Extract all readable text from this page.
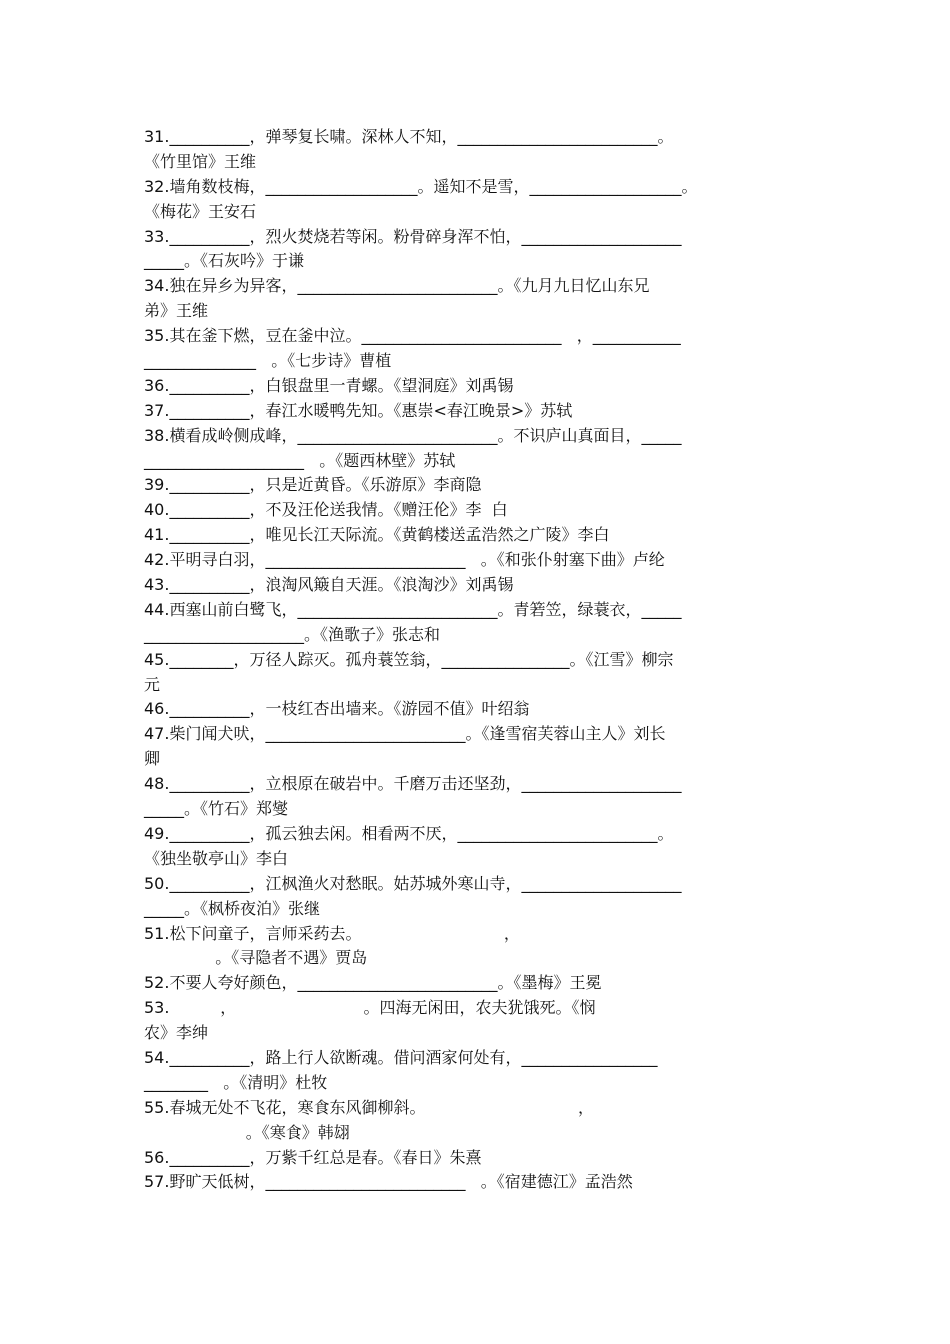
31.__________，弹琴复长啸。深林人不知，_________________________。
《竹里馆》王维
32.墙角数枝梅，___________________。遥知不是雪，___________________。
《梅花》王安石
33.__________，烈火焚烧若等闲。粉骨碎身浑不怕，____________________
_____。《石灰吟》于谦
34.独在异乡为异客，_________________________。《九月九日忆山东兄
弟》王维
35.其在釜下燃，豆在釜中泣。_________________________   ，___________
______________   。《七步诗》曹植
36.__________，白银盘里一青螺。《望洞庭》刘禹锡
37.__________，春江水暖鸭先知。《惠崇<春江晚景>》苏轼
38.横看成岭侧成峰，_________________________。不识庐山真面目，_____
____________________   。《题西林壁》苏轼
39.__________，只是近黄昏。《乐游原》李商隐
40.__________，不及汪伦送我情。《赠汪伦》李  白
41.__________，唯见长江天际流。《黄鹤楼送孟浩然之广陵》李白
42.平明寻白羽，_________________________   。《和张仆射塞下曲》卢纶
43.__________，浪淘风簸自天涯。《浪淘沙》刘禹锡
44.西塞山前白鹭飞，_________________________。青箬笠，绿蓑衣，_____
____________________。《渔歌子》张志和
45.________，万径人踪灭。孤舟蓑笠翁，________________。《江雪》柳宗
元
46.__________，一枝红杏出墙来。《游园不值》叶绍翁
47.柴门闻犬吠，_________________________。《逢雪宿芙蓉山主人》刘长
卿
48.__________，立根原在破岩中。千磨万击还坚劲，____________________
_____。《竹石》郑燮
49.__________，孤云独去闲。相看两不厌，_________________________。
《独坐敬亭山》李白
50.__________，江枫渔火对愁眠。姑苏城外寒山寺，____________________
_____。《枫桥夜泊》张继
51.松下问童子，言师采药去。                            ，
。《寻隐者不遇》贾岛
52.不要人夸好颜色，_________________________。《墨梅》王冕
53.          ，                         。四海无闲田，农夫犹饿死。《悯
农》李绅
54.__________，路上行人欲断魂。借问酒家何处有，_________________
________   。《清明》杜牧
55.春城无处不飞花，寒食东风御柳斜。                              ，
。《寒食》韩翃
56.__________，万紫千红总是春。《春日》朱熹
57.野旷天低树，_________________________   。《宿建德江》孟浩然
